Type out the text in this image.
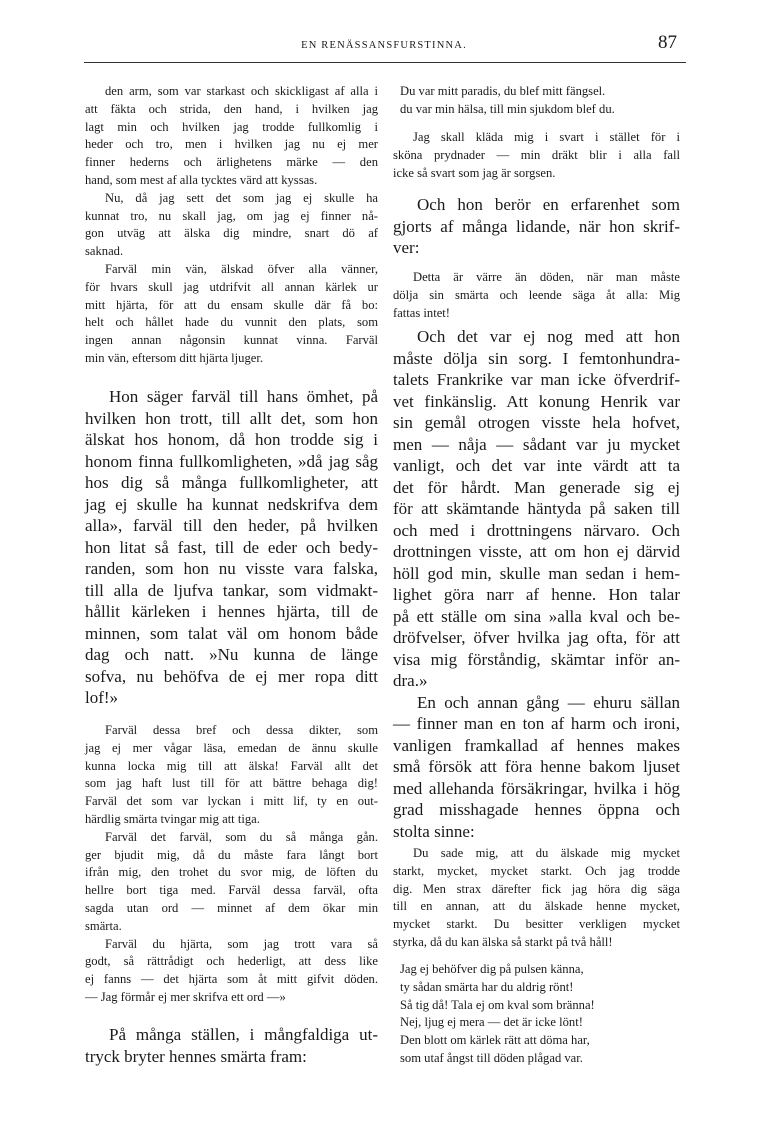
EN RENÄSSANSFURSTINNA.	87
den arm, som var starkast och skickligast af alla i
att fäkta och strida, den hand, i hvilken jag
lagt min och hvilken jag trodde fullkomlig i
heder och tro, men i hvilken jag nu ej mer
finner hederns och ärlighetens märke — den
hand, som mest af alla tycktes värd att kyssas.
Nu, då jag sett det som jag ej skulle ha
kunnat tro, nu skall jag, om jag ej finner nå-
gon utväg att älska dig mindre, snart dö af
saknad.
Farväl min vän, älskad öfver alla vänner,
för hvars skull jag utdrifvit all annan kärlek ur
mitt hjärta, för att du ensam skulle där få bo:
helt och hållet hade du vunnit den plats, som
ingen annan någonsin kunnat vinna. Farväl
min vän, eftersom ditt hjärta ljuger.
Hon säger farväl till hans ömhet, på
hvilken hon trott, till allt det, som hon
älskat hos honom, då hon trodde sig i
honom finna fullkomligheten, »då jag såg
hos dig så många fullkomligheter, att
jag ej skulle ha kunnat nedskrifva dem
alla», farväl till den heder, på hvilken
hon litat så fast, till de eder och bedy-
randen, som hon nu visste vara falska,
till alla de ljufva tankar, som vidmakt-
hållit kärleken i hennes hjärta, till de
minnen, som talat väl om honom både
dag och natt. »Nu kunna de länge
sofva, nu behöfva de ej mer ropa ditt
lof!»
Farväl dessa bref och dessa dikter, som
jag ej mer vågar läsa, emedan de ännu skulle
kunna locka mig till att älska! Farväl allt det
som jag haft lust till för att bättre behaga dig!
Farväl det som var lyckan i mitt lif, ty en out-
härdlig smärta tvingar mig att tiga.
Farväl det farväl, som du så många gån.
ger bjudit mig, då du måste fara långt bort
ifrån mig, den trohet du svor mig, de löften du
hellre bort tiga med. Farväl dessa farväl, ofta
sagda utan ord — minnet af dem ökar min
smärta.
Farväl du hjärta, som jag trott vara så
godt, så rättrådigt och hederligt, att dess like
ej fanns — det hjärta som åt mitt gifvit döden.
— Jag förmår ej mer skrifva ett ord —»
På många ställen, i mångfaldiga ut-
tryck bryter hennes smärta fram:
Du var mitt paradis, du blef mitt fängsel.
du var min hälsa, till min sjukdom blef du.
Jag skall kläda mig i svart i stället för i
sköna prydnader — min dräkt blir i alla fall
icke så svart som jag är sorgsen.
Och hon berör en erfarenhet som
gjorts af många lidande, när hon skrif-
ver:
Detta är värre än döden, när man måste
dölja sin smärta och leende säga åt alla: Mig
fattas intet!
Och det var ej nog med att hon
måste dölja sin sorg. I femtonhundra-
talets Frankrike var man icke öfverdrif-
vet finkänslig. Att konung Henrik var
sin gemål otrogen visste hela hofvet,
men — nåja — sådant var ju mycket
vanligt, och det var inte värdt att ta
det för hårdt. Man generade sig ej
för att skämtande häntyda på saken till
och med i drottningens närvaro. Och
drottningen visste, att om hon ej därvid
höll god min, skulle man sedan i hem-
lighet göra narr af henne. Hon talar
på ett ställe om sina »alla kval och be-
dröfvelser, öfver hvilka jag ofta, för att
visa mig förståndig, skämtar inför an-
dra.»
En och annan gång — ehuru sällan
— finner man en ton af harm och ironi,
vanligen framkallad af hennes makes
små försök att föra henne bakom ljuset
med allehanda försäkringar, hvilka i hög
grad misshagade hennes öppna och
stolta sinne:
Du sade mig, att du älskade mig mycket
starkt, mycket, mycket starkt. Och jag trodde
dig. Men strax därefter fick jag höra dig säga
till en annan, att du älskade henne mycket,
mycket starkt. Du besitter verkligen mycket
styrka, då du kan älska så starkt på två håll!
Jag ej behöfver dig på pulsen känna,
ty sådan smärta har du aldrig rönt!
Så tig då! Tala ej om kval som bränna!
Nej, ljug ej mera — det är icke lönt!
Den blott om kärlek rätt att döma har,
som utaf ångst till döden plågad var.
